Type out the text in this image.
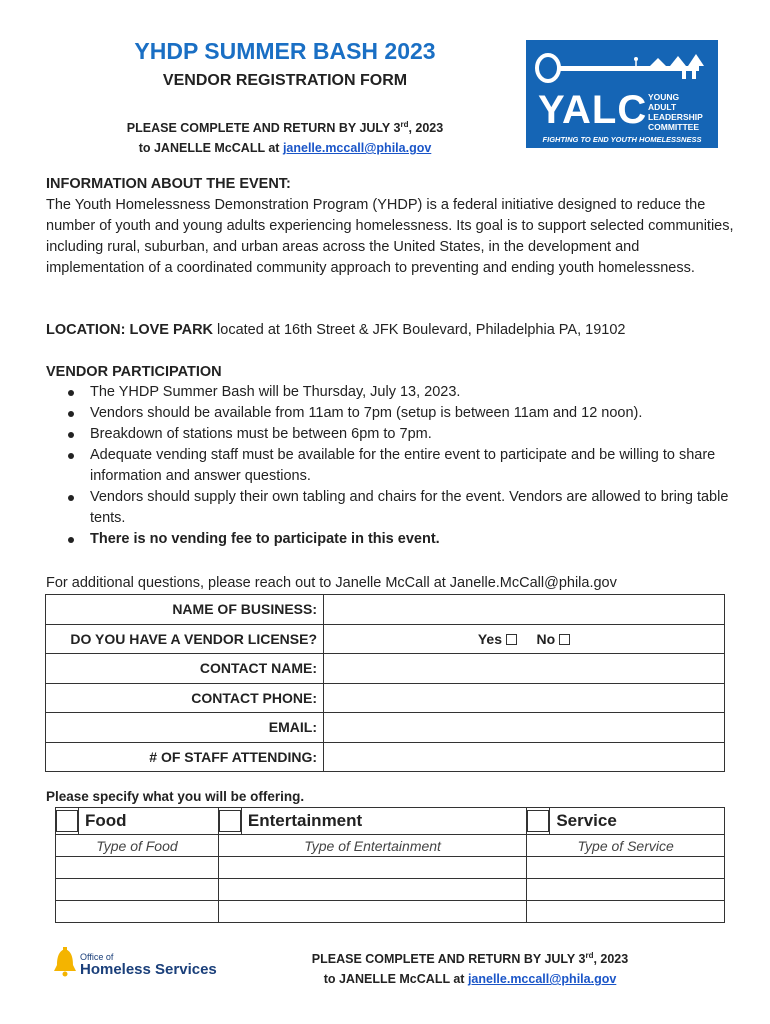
YHDP SUMMER BASH 2023
VENDOR REGISTRATION FORM
PLEASE COMPLETE AND RETURN BY JULY 3rd, 2023
to JANELLE McCALL at janelle.mccall@phila.gov
YALC YOUNG
ADULT
LEADERSHIP
COMMITTEE
FIGHTING TO END YOUTH HOMELESSNESS
INFORMATION ABOUT THE EVENT:
The Youth Homelessness Demonstration Program (YHDP) is a federal initiative designed to reduce the number of youth and young adults experiencing homelessness. Its goal is to support selected communities, including rural, suburban, and urban areas across the United States, in the development and implementation of a coordinated community approach to preventing and ending youth homelessness.
LOCATION: LOVE PARK located at 16th Street & JFK Boulevard, Philadelphia PA, 19102
VENDOR PARTICIPATION
The YHDP Summer Bash will be Thursday, July 13, 2023.
Vendors should be available from 11am to 7pm (setup is between 11am and 12 noon).
Breakdown of stations must be between 6pm to 7pm.
Adequate vending staff must be available for the entire event to participate and be willing to share information and answer questions.
Vendors should supply their own tabling and chairs for the event. Vendors are allowed to bring table tents.
There is no vending fee to participate in this event.
For additional questions, please reach out to Janelle McCall at Janelle.McCall@phila.gov
NAME OF BUSINESS:	
DO YOU HAVE A VENDOR LICENSE?	Yes No
CONTACT NAME:	
CONTACT PHONE:	
EMAIL:	
# OF STAFF ATTENDING:	
Please specify what you will be offering.
	Food		Entertainment		Service
Type of Food		Type of Entertainment		Type of Service	

Office of
Homeless Services
PLEASE COMPLETE AND RETURN BY JULY 3rd, 2023
to JANELLE McCALL at janelle.mccall@phila.gov
